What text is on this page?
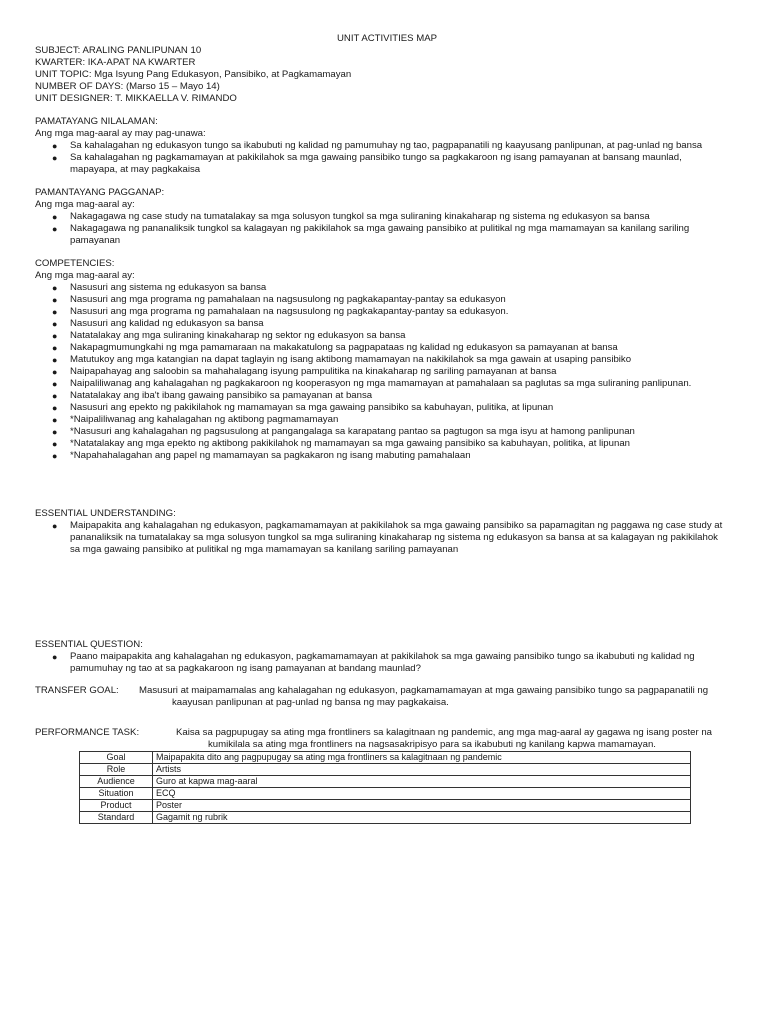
UNIT ACTIVITIES MAP

SUBJECT: ARALING PANLIPUNAN 10

KWARTER: IKA-APAT NA KWARTER

UNIT TOPIC: Mga Isyung Pang Edukasyon, Pansibiko, at Pagkamamayan

NUMBER OF DAYS: (Marso 15 – Mayo 14)

UNIT DESIGNER: T. MIKKAELLA V. RIMANDO

PAMATAYANG NILALAMAN:

Ang mga mag-aaral ay may pag-unawa:

● Sa kahalagahan ng edukasyon tungo sa ikabubuti ng kalidad ng pamumuhay ng tao, pagpapanatili ng kaayusang panlipunan, at pag-unlad ng bansa
● Sa kahalagahan ng pagkamamayan at pakikilahok sa mga gawaing pansibiko tungo sa pagkakaroon ng isang pamayanan at bansang maunlad, mapayapa, at may pagkakaisa

PAMANTAYANG PAGGANAP:

Ang mga mag-aaral ay:

● Nakagagawa ng case study na tumatalakay sa mga solusyon tungkol sa mga suliraning kinakaharap ng sistema ng edukasyon sa bansa
● Nakagagawa ng pananaliksik tungkol sa kalagayan ng pakikilahok sa mga gawaing pansibiko at pulitikal ng mga mamamayan sa kanilang sariling pamayanan

COMPETENCIES:

Ang mga mag-aaral ay:

● Nasusuri ang sistema ng edukasyon sa bansa
● Nasusuri ang mga programa ng pamahalaan na nagsusulong ng pagkakapantay-pantay sa edukasyon
● Nasusuri ang mga programa ng pamahalaan na nagsusulong ng pagkakapantay-pantay sa edukasyon.
● Nasusuri ang kalidad ng edukasyon sa bansa
● Natatalakay ang mga suliraning kinakaharap ng sektor ng edukasyon sa bansa
● Nakapagmumungkahi ng mga pamamaraan na makakatulong sa pagpapataas ng kalidad ng edukasyon sa pamayanan at bansa
● Matutukoy ang mga katangian na dapat taglayin ng isang aktibong mamamayan na nakikilahok sa mga gawain at usaping pansibiko
● Naipapahayag ang saloobin sa mahahalagang isyung pampulitika na kinakaharap ng sariling pamayanan at bansa
● Naipaliliwanag ang kahalagahan ng pagkakaroon ng kooperasyon ng mga mamamayan at pamahalaan sa paglutas sa mga suliraning panlipunan.
● Natatalakay ang iba't ibang gawaing pansibiko sa pamayanan at bansa
● Nasusuri ang epekto ng pakikilahok ng mamamayan sa mga gawaing pansibiko sa kabuhayan, pulitika, at lipunan
● *Naipaliliwanag ang kahalagahan ng aktibong pagmamamayan
● *Nasusuri ang kahalagahan ng pagsusulong at pangangalaga sa karapatang pantao sa pagtugon sa mga isyu at hamong panlipunan
● *Natatalakay ang mga epekto ng aktibong pakikilahok ng mamamayan sa mga gawaing pansibiko sa kabuhayan, politika, at lipunan
● *Napahahalagahan ang papel ng mamamayan sa pagkakaron ng isang mabuting pamahalaan

ESSENTIAL UNDERSTANDING:

● Maipapakita ang kahalagahan ng edukasyon, pagkamamamayan at pakikilahok sa mga gawaing pansibiko sa papamagitan ng paggawa ng case study at pananaliksik na tumatalakay sa mga solusyon tungkol sa mga suliraning kinakaharap ng sistema ng edukasyon sa bansa at sa kalagayan ng pakikilahok sa mga gawaing pansibiko at pulitikal ng mga mamamayan sa kanilang sariling pamayanan

ESSENTIAL QUESTION:

● Paano maipapakita ang kahalagahan ng edukasyon, pagkamamamayan at pakikilahok sa mga gawaing pansibiko tungo sa ikabubuti ng kalidad ng pamumuhay ng tao at sa pagkakaroon ng isang pamayanan at bandang maunlad?
TRANSFER GOAL: Masusuri at maipamamalas ang kahalagahan ng edukasyon, pagkamamamayan at mga gawaing pansibiko tungo sa pagpapanatili ng
kaayusan panlipunan at pag-unlad ng bansa ng may pagkakaisa.
PERFORMANCE TASK:	Kaisa sa pagpupugay sa ating mga frontliners sa kalagitnaan ng pandemic, ang mga mag-aaral ay gagawa ng isang poster na
kumikilala sa ating mga frontliners na nagsasakripisyo para sa ikabubuti ng kanilang kapwa mamamayan.
Goal	Maipapakita dito ang pagpupugay sa ating mga frontliners sa kalagitnaan ng pandemic
Role	Artists
Audience	Guro at kapwa mag-aaral
Situation	ECQ
Product	Poster
Standard	Gagamit ng rubrik
